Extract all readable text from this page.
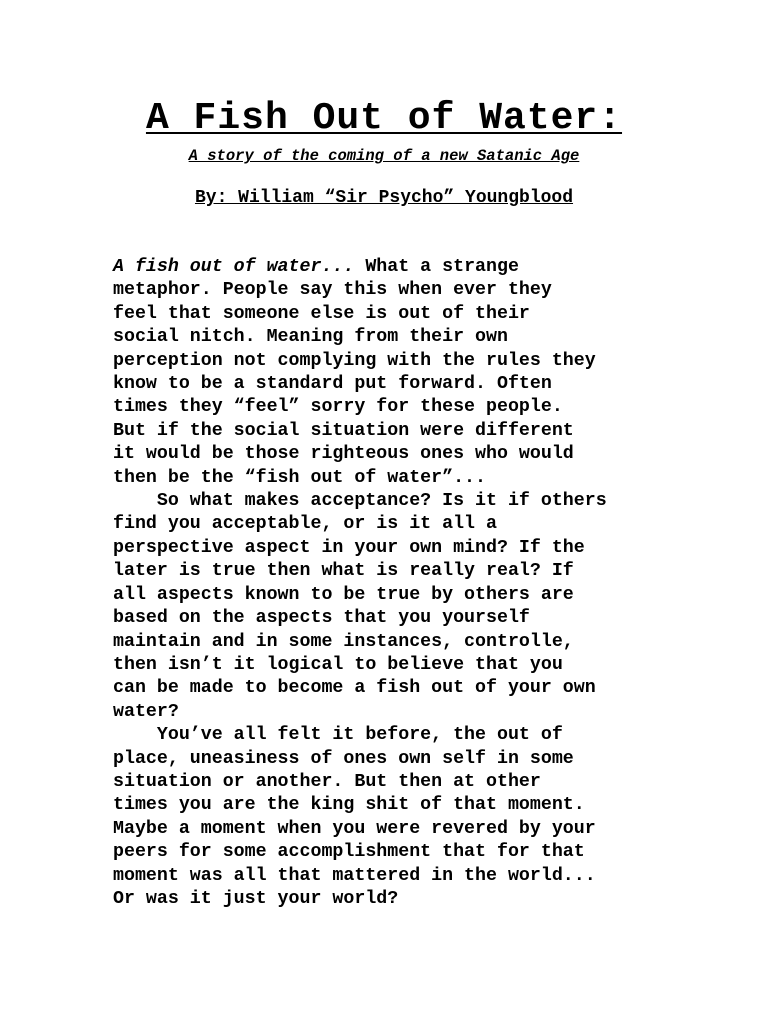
A Fish Out of Water:

A story of the coming of a new Satanic Age

By: William “Sir Psycho” Youngblood

A fish out of water... What a strange
metaphor. People say this when ever they
feel that someone else is out of their
social nitch. Meaning from their own
perception not complying with the rules they
know to be a standard put forward. Often
times they “feel” sorry for these people.
But if the social situation were different
it would be those righteous ones who would
then be the “fish out of water”...
So what makes acceptance? Is it if others
find you acceptable, or is it all a
perspective aspect in your own mind? If the
later is true then what is really real? If
all aspects known to be true by others are
based on the aspects that you yourself
maintain and in some instances, controlle,
then isn’t it logical to believe that you
can be made to become a fish out of your own
water?
You’ve all felt it before, the out of
place, uneasiness of ones own self in some
situation or another. But then at other
times you are the king shit of that moment.
Maybe a moment when you were revered by your
peers for some accomplishment that for that
moment was all that mattered in the world...
Or was it just your world?
